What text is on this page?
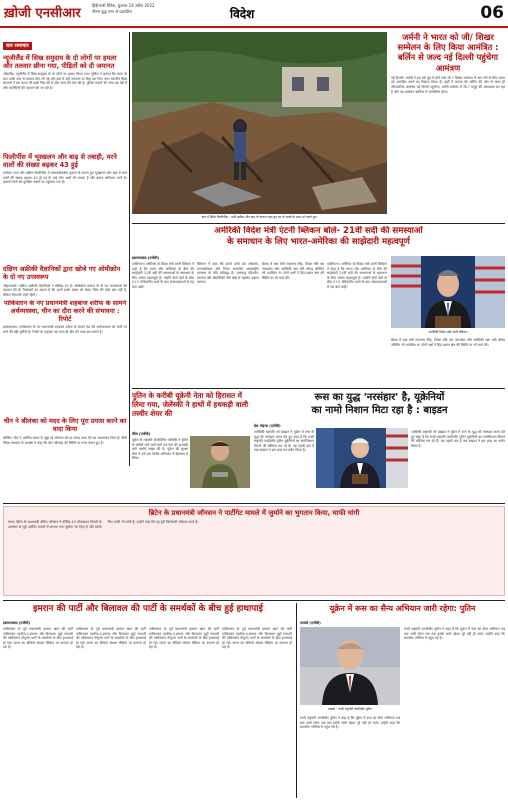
ख़ोजी एनसीआर
हिंदीभाषी दैनिक, बुधवार 14 अप्रैल 2022
गौतम बुद्ध नगर से प्रकाशित	विदेश	06
सार समाचार
न्यूजीलैंड में सिख समुदाय के दो लोगों पर हमला और तलवार छीना गया, पीड़ितों को दी जमानत
ऑकलैंड। न्यूजीलैंड में सिख समुदाय के दो लोगों पर हमला किया गया। पुलिस ने बताया कि घटना के बाद उनके पास से तलवार छीन ली गई और बाद में उन्हें जमानत पर रिहा कर दिया गया। स्थानीय सिख संगठनों ने इस घटना की कड़ी निंदा की है और न्याय की मांग की है। पुलिस मामले की जांच कर रही है और आरोपियों की पहचान की जा रही है।
फिलीपींस में भूस्खलन और बाढ़ से तबाही, मरने वालों की संख्या बढ़कर 43 हुई
मनीला। मध्य और दक्षिण फिलीपींस में उष्णकटिबंधीय तूफान के कारण हुए भूस्खलन और बाढ़ में मरने वालों की संख्या बढ़कर 43 हो गई है। कई लोग अभी भी लापता हैं और बचाव अभियान जारी है। हजारों लोगों को सुरक्षित स्थानों पर पहुंचाया गया है।
दक्षिण अफ्रीकी वैज्ञानिकों द्वारा खोजे गए ओमीक्रोन के दो नए उपस्वरूप
जोहान्सबर्ग। दक्षिण अफ्रीकी वैज्ञानिकों ने कोविड-19 के ओमीक्रोन स्वरूप के दो नए उपस्वरूपों की पहचान की है। विशेषज्ञों का कहना है कि अभी इनके प्रसार को लेकर चिंता की कोई बात नहीं है, लेकिन निगरानी जारी रहेगी।
पाकिस्तान के नए प्रधानमंत्री शहबाज शरीफ के सामने अर्थव्यवस्था, चीन का दौरा करने की संभावना : रिपोर्ट
इस्लामाबाद। पाकिस्तान के नए प्रधानमंत्री शहबाज शरीफ के सामने देश की अर्थव्यवस्था को पटरी पर लाने की बड़ी चुनौती है। रिपोर्ट के अनुसार वह जल्द ही चीन की यात्रा कर सकते हैं।
चीन ने श्रीलंका को मदद के लिए पूरा प्रयास करने का वादा किया
बीजिंग। चीन ने आर्थिक संकट से जूझ रहे श्रीलंका को हर संभव मदद देने का आश्वासन दिया है। चीनी विदेश मंत्रालय के प्रवक्ता ने कहा कि चीन श्रीलंका की स्थिति पर नजर बनाए हुए है।
प्रांत में स्थित फिलीपींस : भारी बारिश और बाढ़ के कारण जहां हुए घर के मलबे के ऊपर से चलते हुए।
जर्मनी ने भारत को जी/ शिखर सम्मेलन के लिए किया आमंत्रित : बर्लिन से जल्द नई दिल्ली पहुंचेगा आमंत्रण
नई दिल्ली। जर्मनी ने इस वर्ष जून में होने वाले जी-7 शिखर सम्मेलन में भाग लेने के लिए भारत को आमंत्रित करने का फैसला किया है। सूत्रों ने बताया कि बर्लिन की ओर से जल्द ही औपचारिक आमंत्रण नई दिल्ली पहुंचेगा। जर्मनी वर्तमान में जी-7 समूह की अध्यक्षता कर रहा है और यह सम्मेलन बवेरिया में आयोजित होगा।
अमेरिकी विदेश मंत्री एंटनी ब्लिंकन बोले- 21वीं सदी की समस्याओं
के समाधान के लिए भारत-अमेरिका की साझेदारी महत्वपूर्ण
इस्लामाबाद (एजेंसी)
वाशिंगटन। अमेरिका के विदेश मंत्री एंटनी ब्लिंकन ने कहा है कि भारत और अमेरिका के बीच की साझेदारी 21वीं सदी की समस्याओं के समाधान के लिए अत्यंत महत्वपूर्ण है। उन्होंने दोनों देशों के बीच 2+2 मंत्रिस्तरीय वार्ता के बाद संवाददाताओं से यह बात कही।
ब्लिंकन ने कहा कि हमारे दोनों देश लोकतंत्र, मानवाधिकार और नियम आधारित अंतरराष्ट्रीय व्यवस्था के प्रति प्रतिबद्ध हैं। जलवायु परिवर्तन, स्वास्थ्य और प्रौद्योगिकी जैसे क्षेत्रों में सहयोग बढ़ाया जाएगा।
बैठक में रक्षा मंत्री राजनाथ सिंह, विदेश मंत्री एस जयशंकर और अमेरिकी रक्षा मंत्री लॉयड ऑस्टिन भी उपस्थित थे। दोनों पक्षों ने हिंद-प्रशांत क्षेत्र की स्थिति पर भी चर्चा की।
वाशिंगटन। अमेरिका के विदेश मंत्री एंटनी ब्लिंकन ने कहा है कि भारत और अमेरिका के बीच की साझेदारी 21वीं सदी की समस्याओं के समाधान के लिए अत्यंत महत्वपूर्ण है। उन्होंने दोनों देशों के बीच 2+2 मंत्रिस्तरीय वार्ता के बाद संवाददाताओं से यह बात कही।
अमेरिकी विदेश मंत्री एंटनी ब्लिंकन
बैठक में रक्षा मंत्री राजनाथ सिंह, विदेश मंत्री एस जयशंकर और अमेरिकी रक्षा मंत्री लॉयड ऑस्टिन भी उपस्थित थे। दोनों पक्षों ने हिंद-प्रशांत क्षेत्र की स्थिति पर भी चर्चा की।
पुतिन के करीबी यूक्रेनी नेता को हिरासत में लिया गया, जेलेंस्की ने हाथों में हथकड़ी वाली तस्वीर शेयर की
कीव (एजेंसी)
यूक्रेन के राष्ट्रपति वोलोदिमिर जेलेंस्की ने पुतिन के करीबी माने जाने वाले एक नेता की हथकड़ी लगी तस्वीर साझा की है। यूक्रेन की सुरक्षा सेवा ने उसे एक विशेष अभियान में हिरासत में लिया।
रूस का युद्ध 'नरसंहार' है, यूक्रेनियों
का नामो निशान मिटा रहा है : बाइडन
डेस मोइन्स (एजेंसी)
अमेरिकी राष्ट्रपति जो बाइडन ने यूक्रेन में रूस के युद्ध को नरसंहार करार देते हुए कहा है कि रूसी राष्ट्रपति व्लादिमीर पुतिन यूक्रेनियों का नामोनिशान मिटाने की कोशिश कर रहे हैं। यह पहली बार है जब बाइडन ने इस शब्द का प्रयोग किया है।
अमेरिकी राष्ट्रपति जो बाइडन ने यूक्रेन में रूस के युद्ध को नरसंहार करार देते हुए कहा है कि रूसी राष्ट्रपति व्लादिमीर पुतिन यूक्रेनियों का नामोनिशान मिटाने की कोशिश कर रहे हैं। यह पहली बार है जब बाइडन ने इस शब्द का प्रयोग किया है।
ब्रिटेन के प्रधानमंत्री जॉनसन ने पार्टीगेट मामले में जुर्माने का भुगतान किया, माफी मांगी
लंदन। ब्रिटेन के प्रधानमंत्री बोरिस जॉनसन ने कोविड-19 लॉकडाउन नियमों के उल्लंघन से जुड़े पार्टीगेट मामले में लगाया गया जुर्माना भर दिया है और इसके लिए माफी भी मांगी है। उन्होंने कहा कि वह पूरी जिम्मेदारी स्वीकार करते हैं।
इमरान की पार्टी और बिलावल की पार्टी के समर्थकों के बीच हुई हाथापाई
इस्लामाबाद (एजेंसी)
पाकिस्तान के पूर्व प्रधानमंत्री इमरान खान की पार्टी पाकिस्तान तहरीक-ए-इंसाफ और बिलावल भुट्टो जरदारी की पाकिस्तान पीपुल्स पार्टी के समर्थकों के बीच हाथापाई हो गई। घटना का वीडियो सोशल मीडिया पर वायरल हो रहा है।
पाकिस्तान के पूर्व प्रधानमंत्री इमरान खान की पार्टी पाकिस्तान तहरीक-ए-इंसाफ और बिलावल भुट्टो जरदारी की पाकिस्तान पीपुल्स पार्टी के समर्थकों के बीच हाथापाई हो गई। घटना का वीडियो सोशल मीडिया पर वायरल हो रहा है।
पाकिस्तान के पूर्व प्रधानमंत्री इमरान खान की पार्टी पाकिस्तान तहरीक-ए-इंसाफ और बिलावल भुट्टो जरदारी की पाकिस्तान पीपुल्स पार्टी के समर्थकों के बीच हाथापाई हो गई। घटना का वीडियो सोशल मीडिया पर वायरल हो रहा है।
पाकिस्तान के पूर्व प्रधानमंत्री इमरान खान की पार्टी पाकिस्तान तहरीक-ए-इंसाफ और बिलावल भुट्टो जरदारी की पाकिस्तान पीपुल्स पार्टी के समर्थकों के बीच हाथापाई हो गई। घटना का वीडियो सोशल मीडिया पर वायरल हो रहा है।
यूक्रेन में रूस का सैन्य अभियान जारी रहेगा: पुतिन
मास्को (एजेंसी)
मास्को : रूसी राष्ट्रपति व्लादिमीर पुतिन
रूसी राष्ट्रपति व्लादिमीर पुतिन ने कहा है कि यूक्रेन में रूस का सैन्य अभियान तब तक जारी रहेगा जब तक इसके सभी उद्देश्य पूरे नहीं हो जाते। उन्होंने कहा कि बातचीत गतिरोध में पहुंच गई है।
रूसी राष्ट्रपति व्लादिमीर पुतिन ने कहा है कि यूक्रेन में रूस का सैन्य अभियान तब तक जारी रहेगा जब तक इसके सभी उद्देश्य पूरे नहीं हो जाते। उन्होंने कहा कि बातचीत गतिरोध में पहुंच गई है।
